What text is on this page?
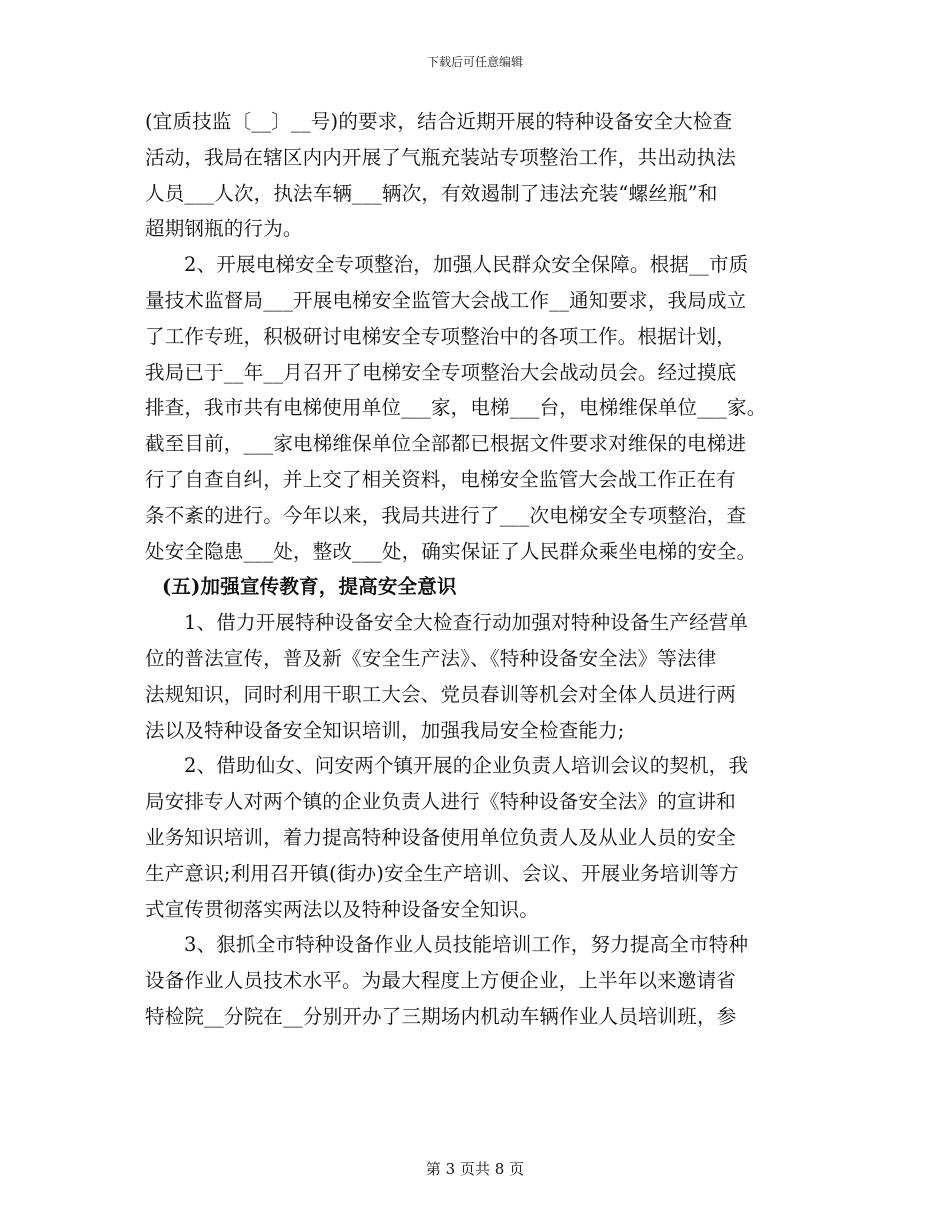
下载后可任意编辑
(宜质技监〔__〕__号)的要求，结合近期开展的特种设备安全大检查
活动，我局在辖区内内开展了气瓶充装站专项整治工作，共出动执法
人员___人次，执法车辆___辆次，有效遏制了违法充装“螺丝瓶”和
超期钢瓶的行为。
2、开展电梯安全专项整治，加强人民群众安全保障。根据__市质
量技术监督局___开展电梯安全监管大会战工作__通知要求，我局成立
了工作专班，积极研讨电梯安全专项整治中的各项工作。根据计划，
我局已于__年__月召开了电梯安全专项整治大会战动员会。经过摸底
排查，我市共有电梯使用单位___家，电梯___台，电梯维保单位___家。
截至目前，___家电梯维保单位全部都已根据文件要求对维保的电梯进
行了自查自纠，并上交了相关资料，电梯安全监管大会战工作正在有
条不紊的进行。今年以来，我局共进行了___次电梯安全专项整治，查
处安全隐患___处，整改___处，确实保证了人民群众乘坐电梯的安全。
(五)加强宣传教育，提高安全意识
1、借力开展特种设备安全大检查行动加强对特种设备生产经营单
位的普法宣传，普及新《安全生产法》、《特种设备安全法》等法律
法规知识，同时利用干职工大会、党员春训等机会对全体人员进行两
法以及特种设备安全知识培训，加强我局安全检查能力;
2、借助仙女、问安两个镇开展的企业负责人培训会议的契机，我
局安排专人对两个镇的企业负责人进行《特种设备安全法》的宣讲和
业务知识培训，着力提高特种设备使用单位负责人及从业人员的安全
生产意识;利用召开镇(街办)安全生产培训、会议、开展业务培训等方
式宣传贯彻落实两法以及特种设备安全知识。
3、狠抓全市特种设备作业人员技能培训工作，努力提高全市特种
设备作业人员技术水平。为最大程度上方便企业，上半年以来邀请省
特检院__分院在__分别开办了三期场内机动车辆作业人员培训班，参
第 3 页共 8 页
